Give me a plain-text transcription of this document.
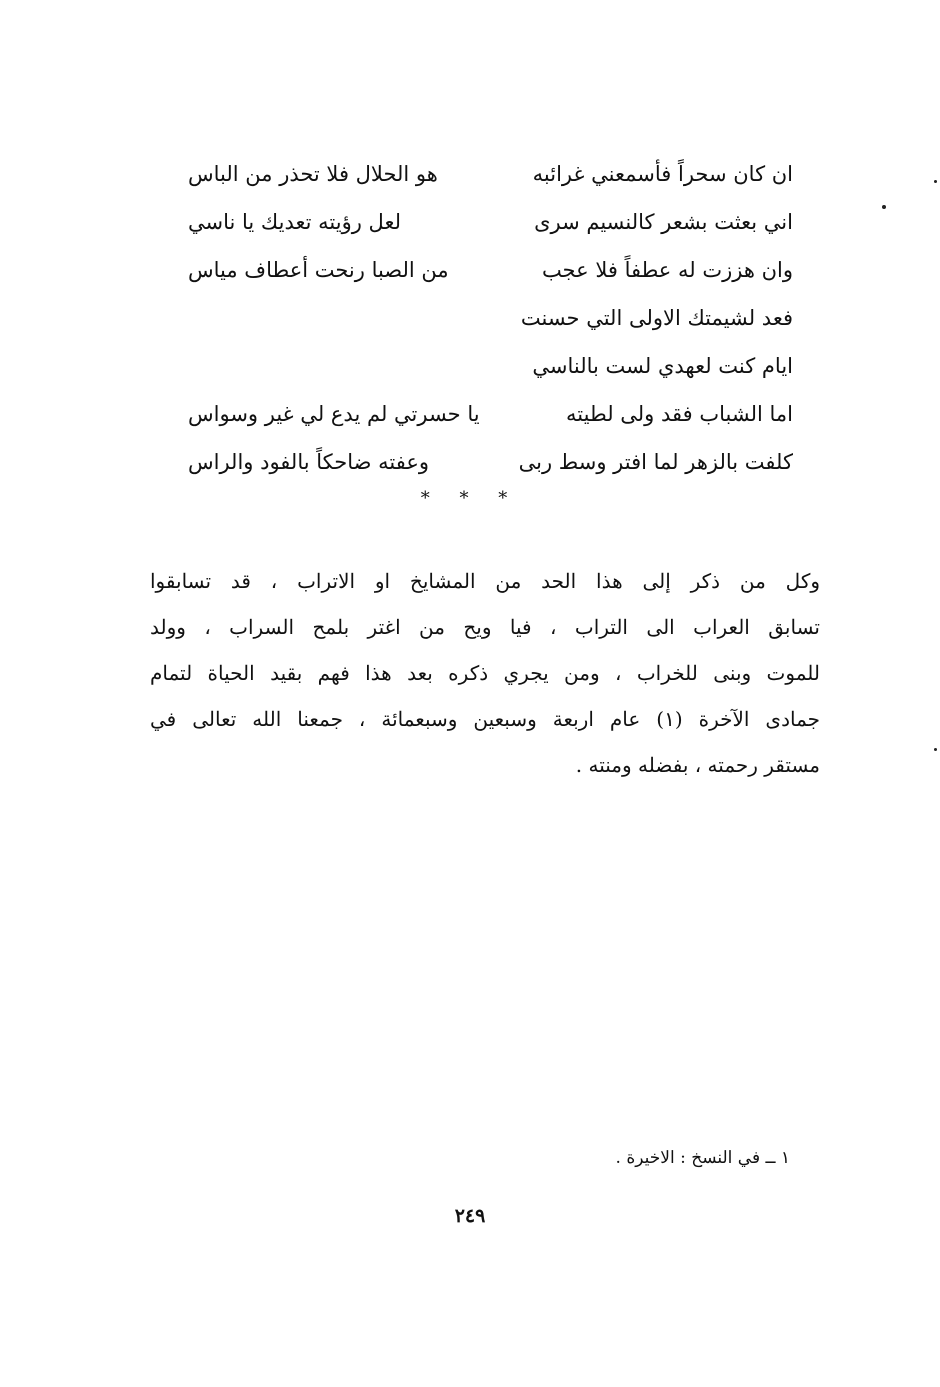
ان كان سحراً فأسمعني غرائبه
هو الحلال فلا تحذر من الباس
اني بعثت بشعر كالنسيم سرى
لعل رؤيته تعديك يا ناسي
وان هززت له عطفاً فلا عجب
من الصبا رنحت أعطاف مياس
فعد لشيمتك الاولى التي حسنت
ايام كنت لعهدي لست بالناسي
اما الشباب فقد ولى لطيته
يا حسرتي لم يدع لي غير وسواس
كلفت بالزهر لما افتر وسط ربى
وعفته ضاحكاً بالفود والراس
* * *
وكل من ذكر إلى هذا الحد من المشايخ او الاتراب ، قد تسابقوا
تسابق العراب الى التراب ، فيا ويح من اغتر بلمح السراب ، وولد
للموت وبنى للخراب ، ومن يجري ذكره بعد هذا فهم بقيد الحياة لتمام
جمادى الآخرة (١) عام اربعة وسبعين وسبعمائة ، جمعنا الله تعالى في
مستقر رحمته ، بفضله ومنته .
١ ــ في النسخ : الاخيرة .
٢٤٩
